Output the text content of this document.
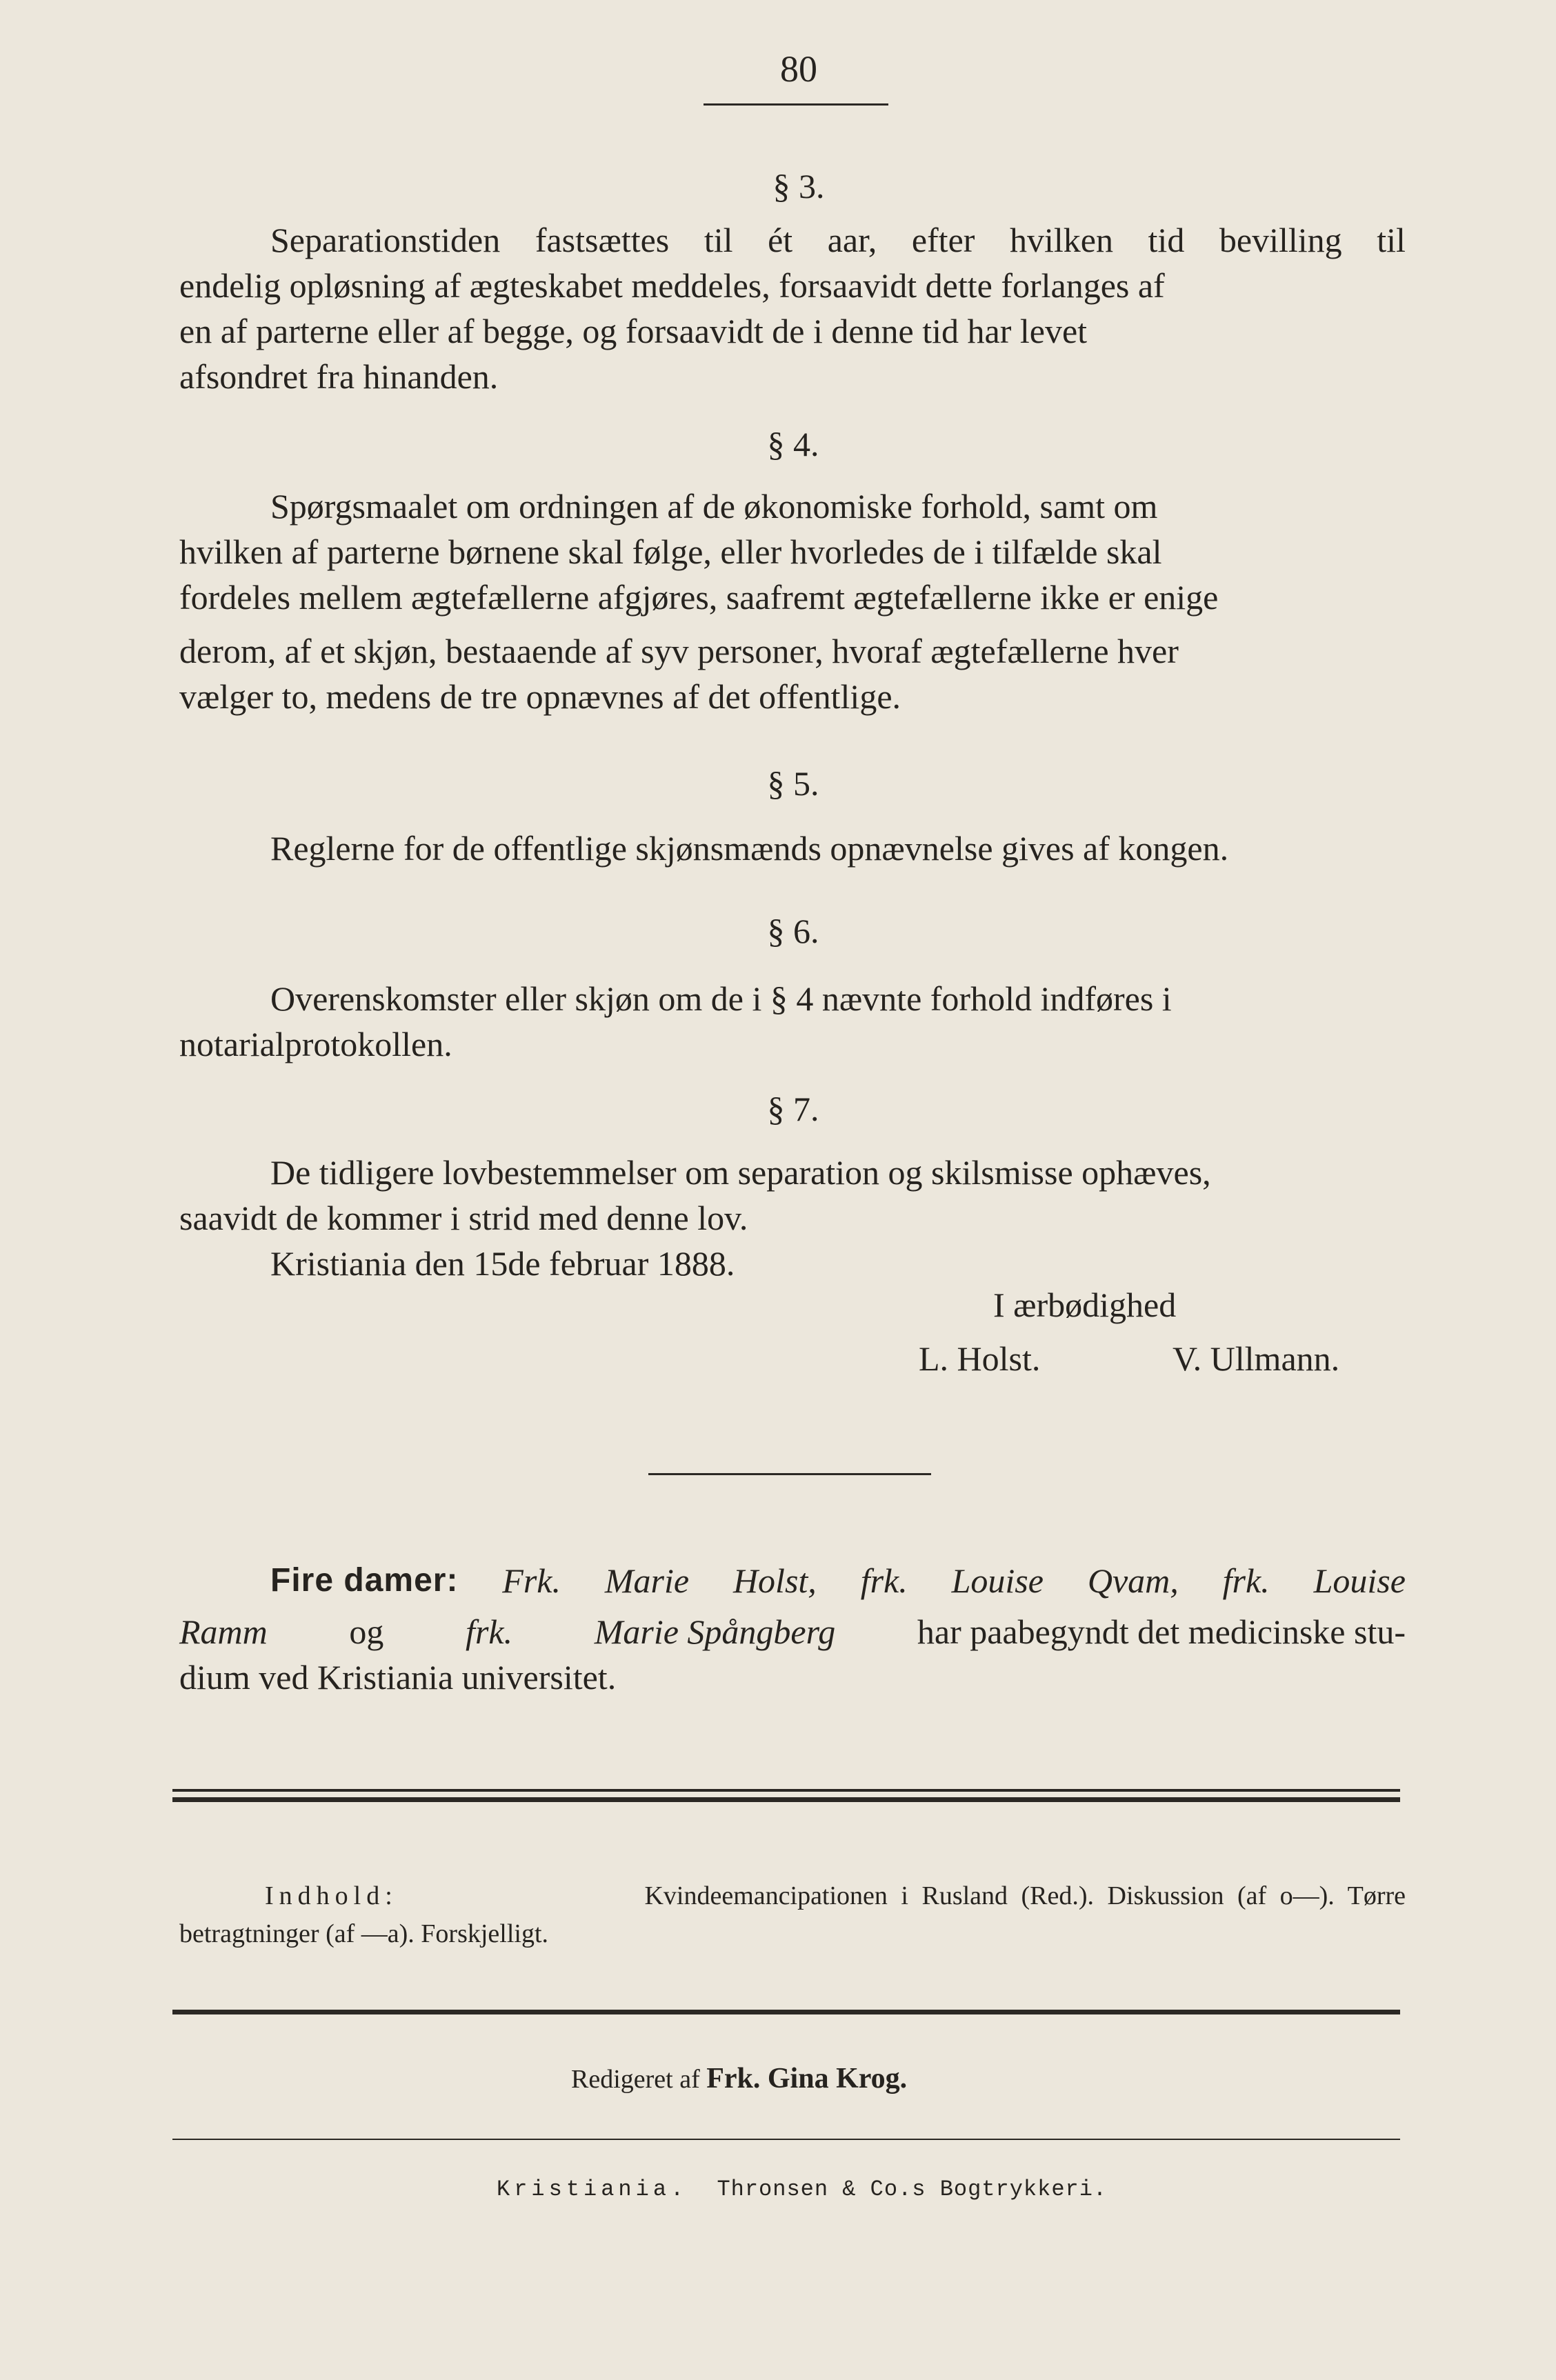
80
§ 3.
Separationstiden fastsættes til ét aar, efter hvilken tid bevilling til
endelig opløsning af ægteskabet meddeles, forsaavidt dette forlanges af
en af parterne eller af begge, og forsaavidt de i denne tid har levet
afsondret fra hinanden.
§ 4.
Spørgsmaalet om ordningen af de økonomiske forhold, samt om
hvilken af parterne børnene skal følge, eller hvorledes de i tilfælde skal
fordeles mellem ægtefællerne afgjøres, saafremt ægtefællerne ikke er enige
derom, af et skjøn, bestaaende af syv personer, hvoraf ægtefællerne hver
vælger to, medens de tre opnævnes af det offentlige.
§ 5.
Reglerne for de offentlige skjønsmænds opnævnelse gives af kongen.
§ 6.
Overenskomster eller skjøn om de i § 4 nævnte forhold indføres i
notarialprotokollen.
§ 7.
De tidligere lovbestemmelser om separation og skilsmisse ophæves,
saavidt de kommer i strid med denne lov.
Kristiania den 15de februar 1888.
I ærbødighed
L. Holst.	V. Ullmann.
Fire damer: Frk. Marie Holst, frk. Louise Qvam, frk. Louise
Ramm og frk. Marie Spångberg har paabegyndt det medicinske stu-
dium ved Kristiania universitet.
Indhold:	Kvindeemancipationen i Rusland (Red.). Diskussion (af o—). Tørre
betragtninger (af —a). Forskjelligt.
Redigeret af Frk. Gina Krog.
Kristiania. Thronsen & Co.s Bogtrykkeri.
